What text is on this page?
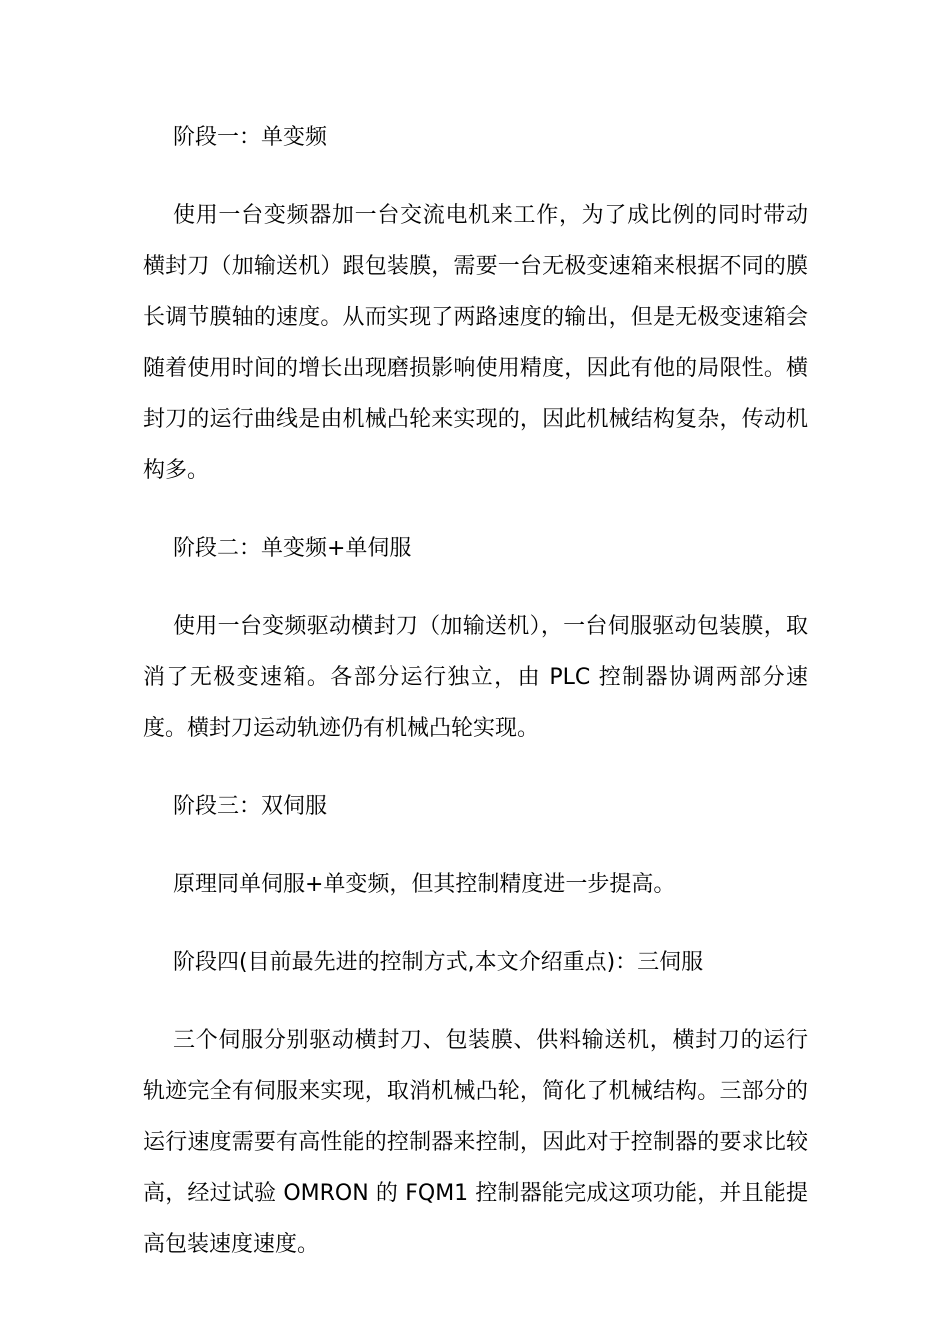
阶段一：单变频

使用一台变频器加一台交流电机来工作，为了成比例的同时带动横封刀（加输送机）跟包装膜，需要一台无极变速箱来根据不同的膜长调节膜轴的速度。从而实现了两路速度的输出，但是无极变速箱会随着使用时间的增长出现磨损影响使用精度，因此有他的局限性。横封刀的运行曲线是由机械凸轮来实现的，因此机械结构复杂，传动机构多。

阶段二：单变频+单伺服

使用一台变频驱动横封刀（加输送机），一台伺服驱动包装膜，取消了无极变速箱。各部分运行独立，由 PLC 控制器协调两部分速度。横封刀运动轨迹仍有机械凸轮实现。

阶段三：双伺服

原理同单伺服+单变频，但其控制精度进一步提高。

阶段四(目前最先进的控制方式,本文介绍重点)：三伺服

三个伺服分别驱动横封刀、包装膜、供料输送机，横封刀的运行轨迹完全有伺服来实现，取消机械凸轮，简化了机械结构。三部分的运行速度需要有高性能的控制器来控制，因此对于控制器的要求比较高，经过试验 OMRON 的 FQM1 控制器能完成这项功能，并且能提高包装速度速度。
